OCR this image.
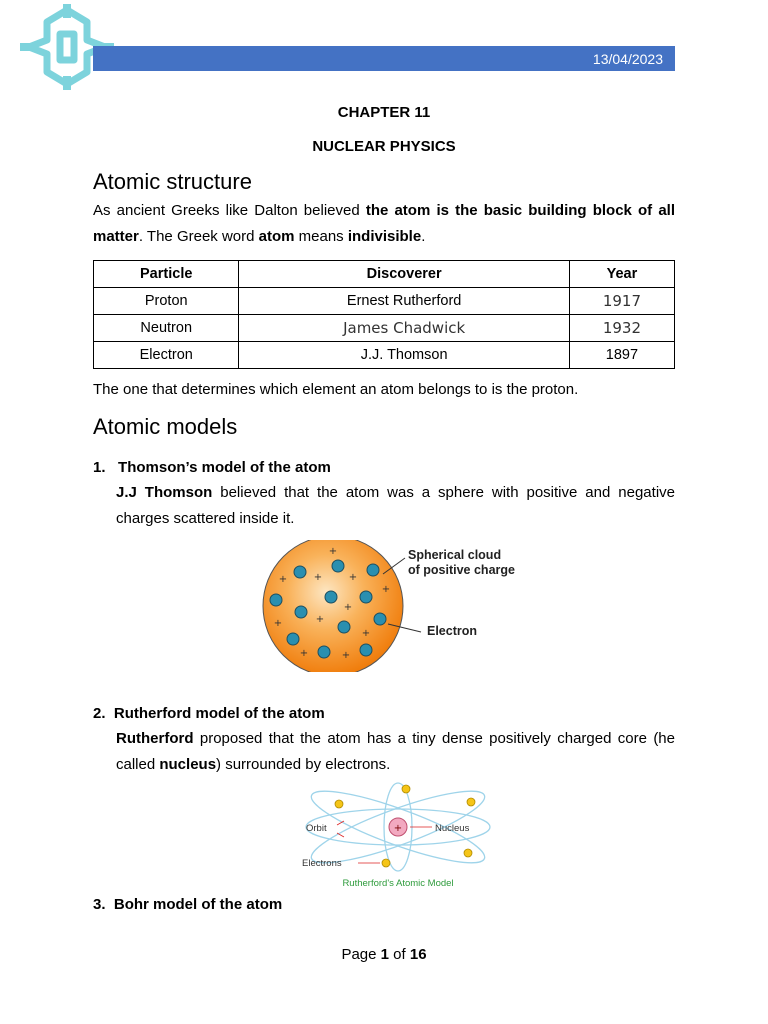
13/04/2023
CHAPTER 11
NUCLEAR PHYSICS
Atomic structure
As ancient Greeks like Dalton believed the atom is the basic building block of all matter. The Greek word atom means indivisible.
Particle	Discoverer	Year
Proton	Ernest Rutherford	1917
Neutron	James Chadwick	1932
Electron	J.J. Thomson	1897
The one that determines which element an atom belongs to is the proton.
Atomic models
1. Thomson’s model of the atom
J.J Thomson believed that the atom was a sphere with positive and negative charges scattered inside it.
+
+	+	+
+
+
+
+
+
+	+
Spherical cloud
of positive charge
Electron
2. Rutherford model of the atom
Rutherford proposed that the atom has a tiny dense positively charged core (he called nucleus) surrounded by electrons.
+
Orbit	Nucleus
Electrons
Rutherford's Atomic Model
3. Bohr model of the atom
Page 1 of 16
